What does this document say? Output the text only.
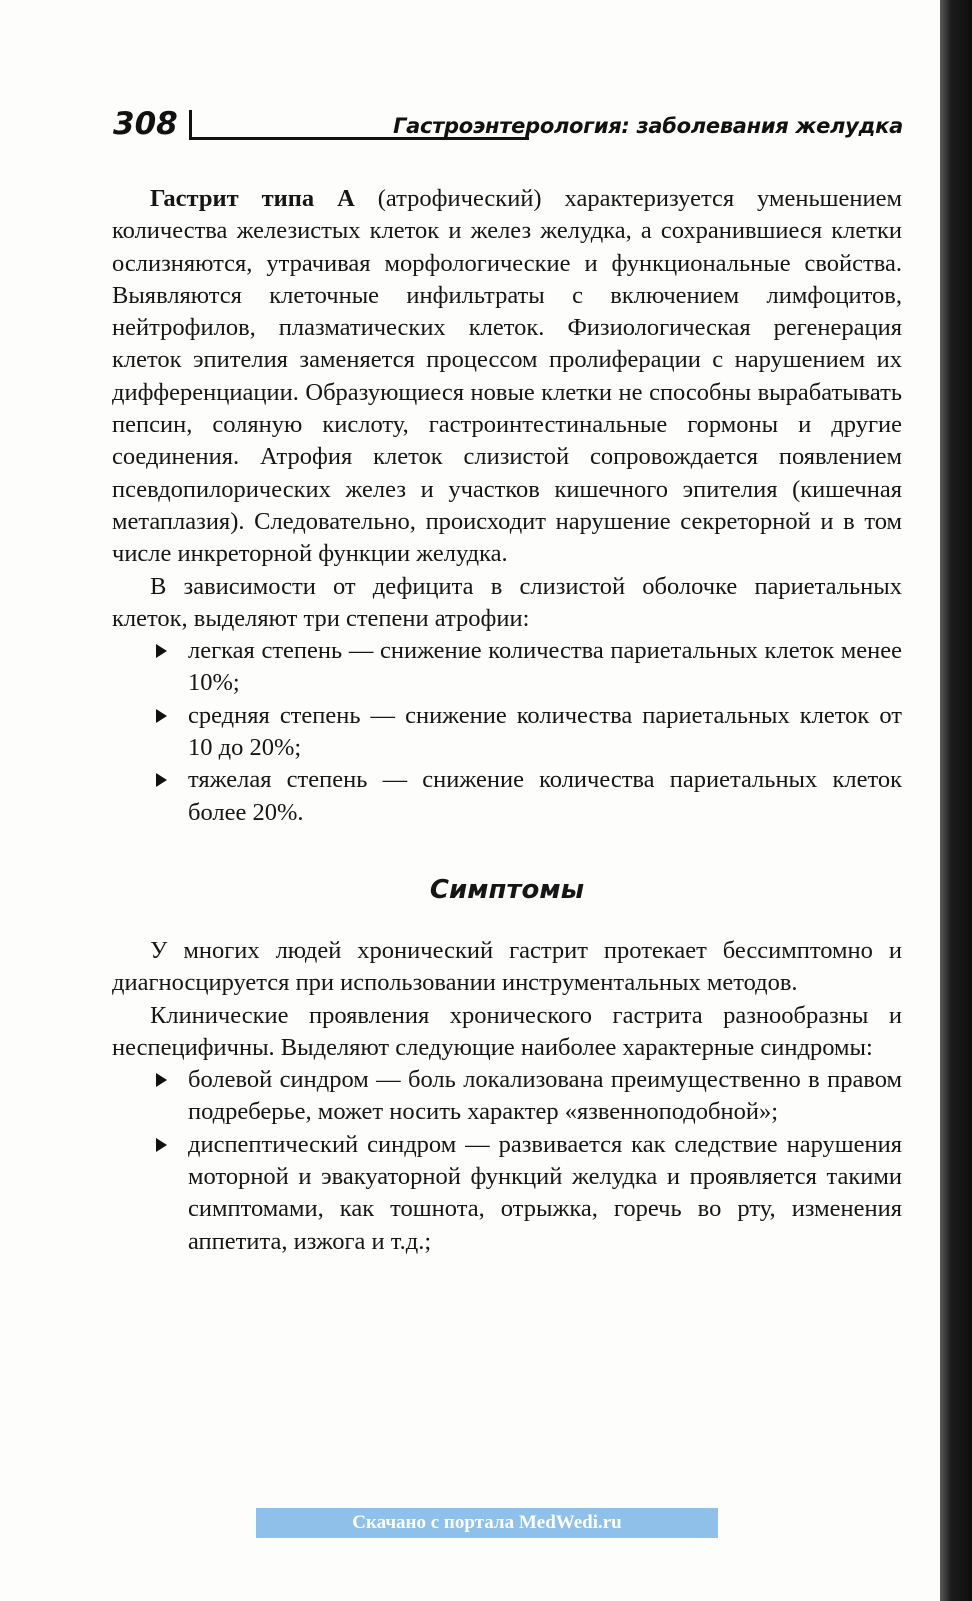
308	Гастроэнтерология: заболевания желудка

Гастрит типа А (атрофический) характеризуется уменьшением количества железистых клеток и желез желудка, а сохранившиеся клетки ослизняются, утрачивая морфологические и функциональные свойства. Выявляются клеточные инфильтраты с включением лимфоцитов, нейтрофилов, плазматических клеток. Физиологическая регенерация клеток эпителия заменяется процессом пролиферации с нарушением их дифференциации. Образующиеся новые клетки не способны вырабатывать пепсин, соляную кислоту, гастроинтестинальные гормоны и другие соединения. Атрофия клеток слизистой сопровождается появлением псевдопилорических желез и участков кишечного эпителия (кишечная метаплазия). Следовательно, происходит нарушение секреторной и в том числе инкреторной функции желудка.

В зависимости от дефицита в слизистой оболочке париетальных клеток, выделяют три степени атрофии:

легкая степень — снижение количества париетальных клеток менее 10%;

средняя степень — снижение количества париетальных клеток от 10 до 20%;

тяжелая степень — снижение количества париетальных клеток более 20%.

Симптомы

У многих людей хронический гастрит протекает бессимптомно и диагносцируется при использовании инструментальных методов.

Клинические проявления хронического гастрита разнообразны и неспецифичны. Выделяют следующие наиболее характерные синдромы:

болевой синдром — боль локализована преимущественно в правом подреберье, может носить характер «язвенноподобной»;

диспептический синдром — развивается как следствие нарушения моторной и эвакуаторной функций желудка и проявляется такими симптомами, как тошнота, отрыжка, горечь во рту, изменения аппетита, изжога и т.д.;

Скачано с портала MedWedi.ru
